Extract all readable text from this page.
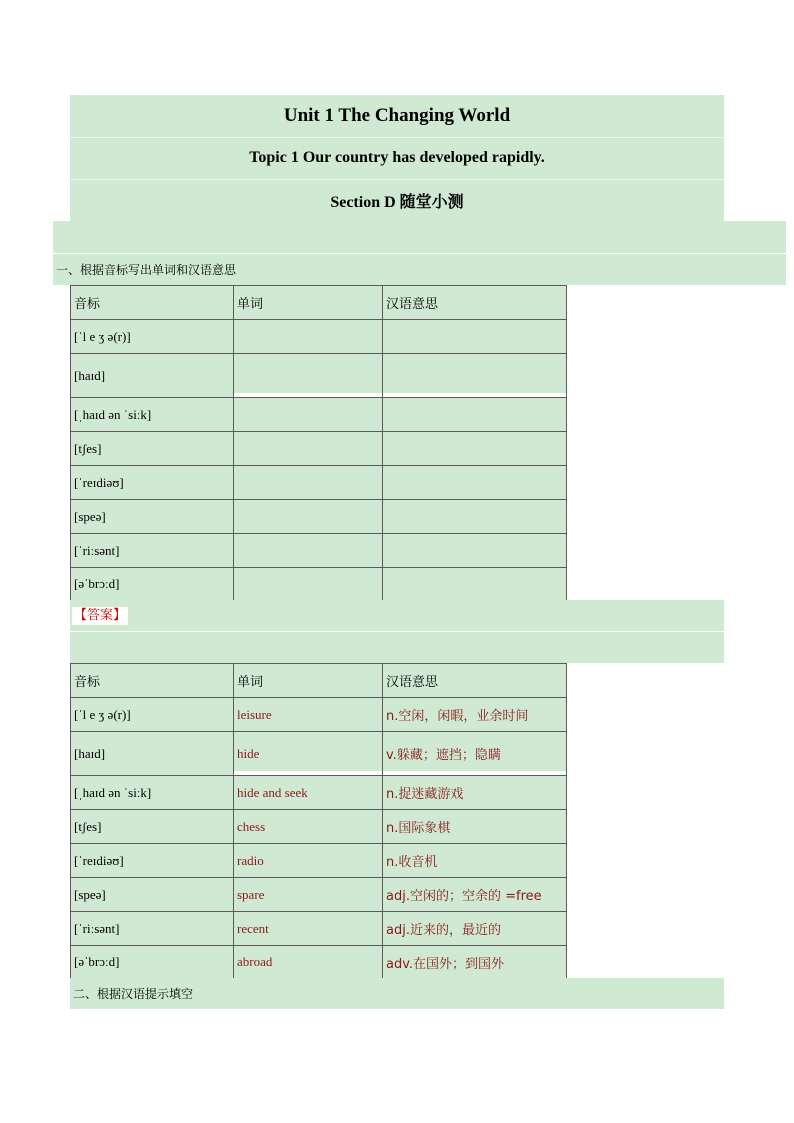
Unit 1 The Changing World
Topic 1 Our country has developed rapidly.
Section D 随堂小测
一、根据音标写出单词和汉语意思
音标	单词	汉语意思
[ˈl e ʒ ə(r)]		
[haɪd]		
[ˌhaɪd ən ˈsiːk]		
[tʃes]		
[ˈreɪdiəʊ]		
[speə]		
[ˈriːsənt]		
[əˈbrɔːd]		
【答案】
音标	单词	汉语意思
[ˈl e ʒ ə(r)]	leisure	n.空闲，闲暇，业余时间
[haɪd]	hide	v.躲藏；遮挡；隐瞒
[ˌhaɪd ən ˈsiːk]	hide and seek	n.捉迷藏游戏
[tʃes]	chess	n.国际象棋
[ˈreɪdiəʊ]	radio	n.收音机
[speə]	spare	adj.空闲的；空余的 =free
[ˈriːsənt]	recent	adj.近来的，最近的
[əˈbrɔːd]	abroad	adv.在国外；到国外
二、根据汉语提示填空
